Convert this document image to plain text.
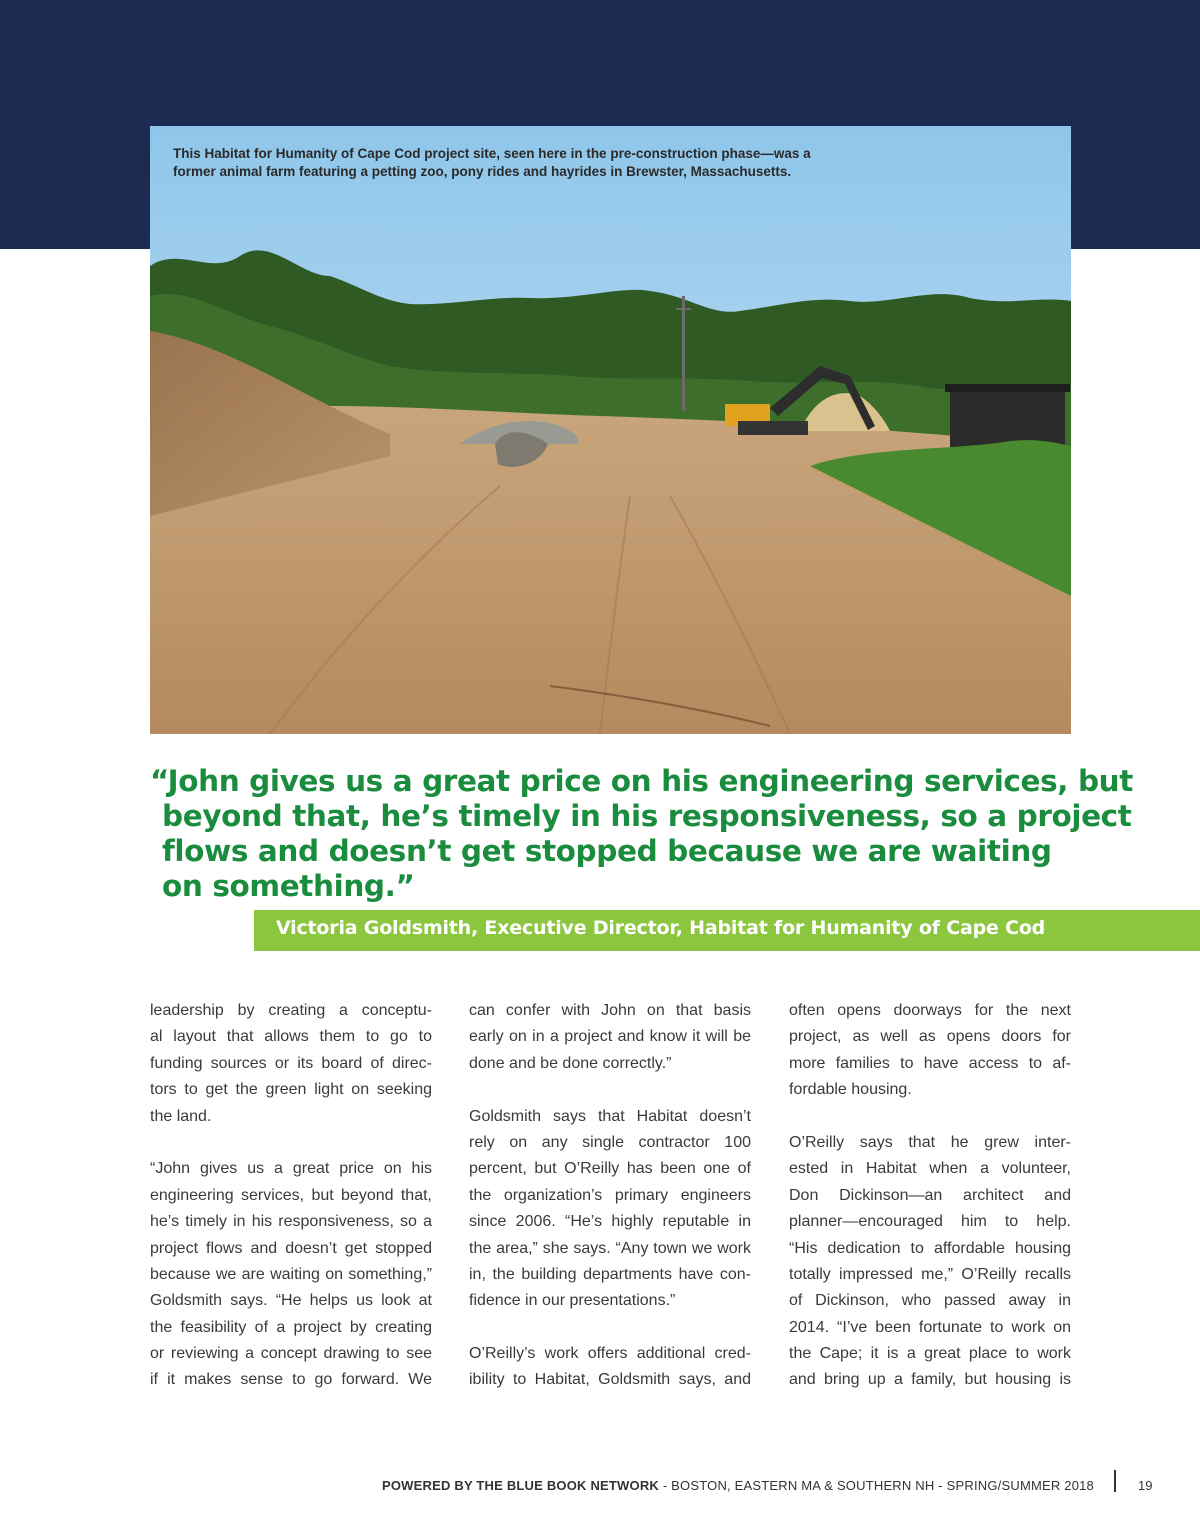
This Habitat for Humanity of Cape Cod project site, seen here in the pre-construction phase—was a
former animal farm featuring a petting zoo, pony rides and hayrides in Brewster, Massachusetts.
“John gives us a great price on his engineering services, but
beyond that, he’s timely in his responsiveness, so a project
flows and doesn’t get stopped because we are waiting
on something.”
Victoria Goldsmith, Executive Director, Habitat for Humanity of Cape Cod
leadership by creating a conceptu-
al layout that allows them to go to
funding sources or its board of direc-
tors to get the green light on seeking
the land.
“John gives us a great price on his
engineering services, but beyond that,
he’s timely in his responsiveness, so a
project flows and doesn’t get stopped
because we are waiting on something,”
Goldsmith says. “He helps us look at
the feasibility of a project by creating
or reviewing a concept drawing to see
if it makes sense to go forward. We
can confer with John on that basis
early on in a project and know it will be
done and be done correctly.”
Goldsmith says that Habitat doesn’t
rely on any single contractor 100
percent, but O’Reilly has been one of
the organization’s primary engineers
since 2006. “He’s highly reputable in
the area,” she says. “Any town we work
in, the building departments have con-
fidence in our presentations.”
O’Reilly’s work offers additional cred-
ibility to Habitat, Goldsmith says, and
often opens doorways for the next
project, as well as opens doors for
more families to have access to af-
fordable housing.
O’Reilly says that he grew inter-
ested in Habitat when a volunteer,
Don Dickinson—an architect and
planner—encouraged him to help.
“His dedication to affordable housing
totally impressed me,” O’Reilly recalls
of Dickinson, who passed away in
2014. “I’ve been fortunate to work on
the Cape; it is a great place to work
and bring up a family, but housing is
POWERED BY THE BLUE BOOK NETWORK - BOSTON, EASTERN MA & SOUTHERN NH - SPRING/SUMMER 2018	19
